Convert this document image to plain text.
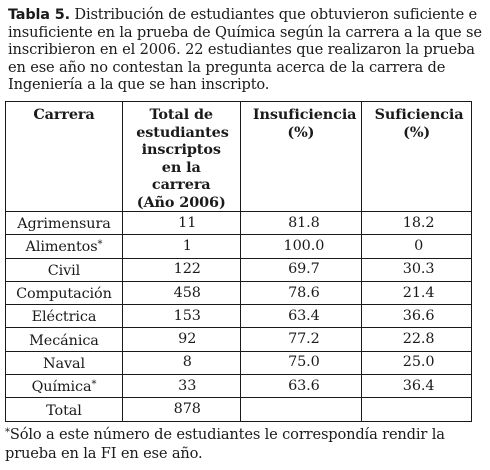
Tabla 5. Distribución de estudiantes que obtuvieron suficiente e insuficiente en la prueba de Química según la carrera a la que se inscribieron en el 2006. 22 estudiantes que realizaron la prueba en ese año no contestan la pregunta acerca de la carrera de Ingeniería a la que se han inscripto.
Carrera	Total de estudiantes inscriptos en la carrera (Año 2006)	Insuficiencia (%)	Suficiencia (%)

Agrimensura	11	81.8	18.2
Alimentos*	1	100.0	0
Civil	122	69.7	30.3
Computación	458	78.6	21.4
Eléctrica	153	63.4	36.6
Mecánica	92	77.2	22.8
Naval	8	75.0	25.0
Química*	33	63.6	36.4
Total	878		
*Sólo a este número de estudiantes le correspondía rendir la prueba en la FI en ese año.
